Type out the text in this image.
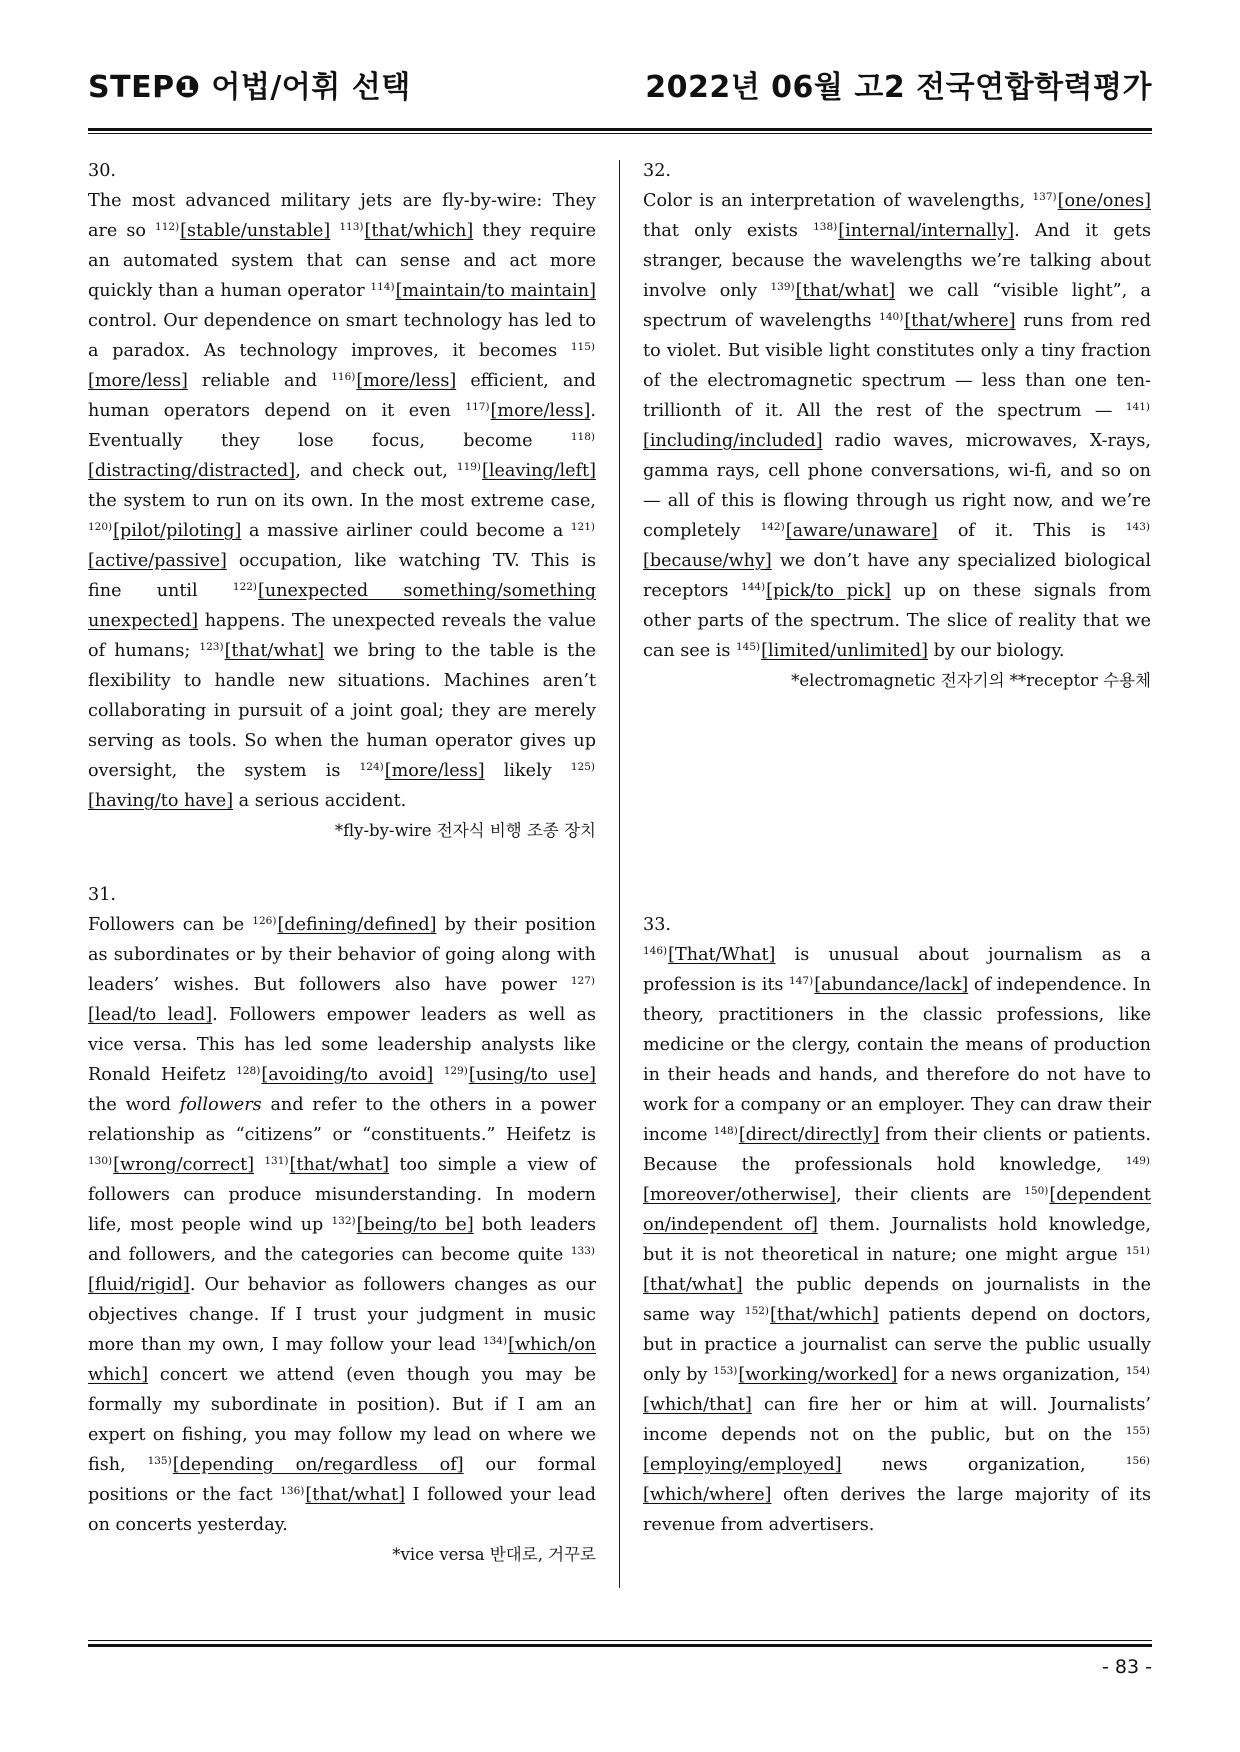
STEP❶ 어법/어휘 선택	2022년 06월 고2 전국연합학력평가

30.

The most advanced military jets are fly-by-wire: They are so $^{112)}$[stable/unstable] $^{113)}$[that/which] they require an automated system that can sense and act more quickly than a human operator $^{114)}$[maintain/to maintain] control. Our dependence on smart technology has led to a paradox. As technology improves, it becomes $^{115)}$[more/less] reliable and $^{116)}$[more/less] efficient, and human operators depend on it even $^{117)}$[more/less]. Eventually they lose focus, become $^{118)}$[distracting/distracted], and check out, $^{119)}$[leaving/left] the system to run on its own. In the most extreme case, $^{120)}$[pilot/piloting] a massive airliner could become a $^{121)}$[active/passive] occupation, like watching TV. This is fine until $^{122)}$[unexpected something/something unexpected] happens. The unexpected reveals the value of humans; $^{123)}$[that/what] we bring to the table is the flexibility to handle new situations. Machines aren’t collaborating in pursuit of a joint goal; they are merely serving as tools. So when the human operator gives up oversight, the system is $^{124)}$[more/less] likely $^{125)}$[having/to have] a serious accident.

*fly-by-wire 전자식 비행 조종 장치

31.

Followers can be $^{126)}$[defining/defined] by their position as subordinates or by their behavior of going along with leaders’ wishes. But followers also have power $^{127)}$[lead/to lead]. Followers empower leaders as well as vice versa. This has led some leadership analysts like Ronald Heifetz $^{128)}$[avoiding/to avoid] $^{129)}$[using/to use] the word followers and refer to the others in a power relationship as “citizens” or “constituents.” Heifetz is $^{130)}$[wrong/correct] $^{131)}$[that/what] too simple a view of followers can produce misunderstanding. In modern life, most people wind up $^{132)}$[being/to be] both leaders and followers, and the categories can become quite $^{133)}$[fluid/rigid]. Our behavior as followers changes as our objectives change. If I trust your judgment in music more than my own, I may follow your lead $^{134)}$[which/on which] concert we attend (even though you may be formally my subordinate in position). But if I am an expert on fishing, you may follow my lead on where we fish, $^{135)}$[depending on/regardless of] our formal positions or the fact $^{136)}$[that/what] I followed your lead on concerts yesterday.

*vice versa 반대로, 거꾸로

32.

Color is an interpretation of wavelengths, $^{137)}$[one/ones] that only exists $^{138)}$[internal/internally]. And it gets stranger, because the wavelengths we’re talking about involve only $^{139)}$[that/what] we call “visible light”, a spectrum of wavelengths $^{140)}$[that/where] runs from red to violet. But visible light constitutes only a tiny fraction of the electromagnetic spectrum — less than one ten-trillionth of it. All the rest of the spectrum — $^{141)}$[including/included] radio waves, microwaves, X-rays, gamma rays, cell phone conversations, wi-fi, and so on — all of this is flowing through us right now, and we’re completely $^{142)}$[aware/unaware] of it. This is $^{143)}$[because/why] we don’t have any specialized biological receptors $^{144)}$[pick/to pick] up on these signals from other parts of the spectrum. The slice of reality that we can see is $^{145)}$[limited/unlimited] by our biology.

*electromagnetic 전자기의 **receptor 수용체

33.

$^{146)}$[That/What] is unusual about journalism as a profession is its $^{147)}$[abundance/lack] of independence. In theory, practitioners in the classic professions, like medicine or the clergy, contain the means of production in their heads and hands, and therefore do not have to work for a company or an employer. They can draw their income $^{148)}$[direct/directly] from their clients or patients. Because the professionals hold knowledge, $^{149)}$[moreover/otherwise], their clients are $^{150)}$[dependent on/independent of] them. Journalists hold knowledge, but it is not theoretical in nature; one might argue $^{151)}$[that/what] the public depends on journalists in the same way $^{152)}$[that/which] patients depend on doctors, but in practice a journalist can serve the public usually only by $^{153)}$[working/worked] for a news organization, $^{154)}$[which/that] can fire her or him at will. Journalists’ income depends not on the public, but on the $^{155)}$[employing/employed] news organization, $^{156)}$[which/where] often derives the large majority of its revenue from advertisers.

- 83 -
